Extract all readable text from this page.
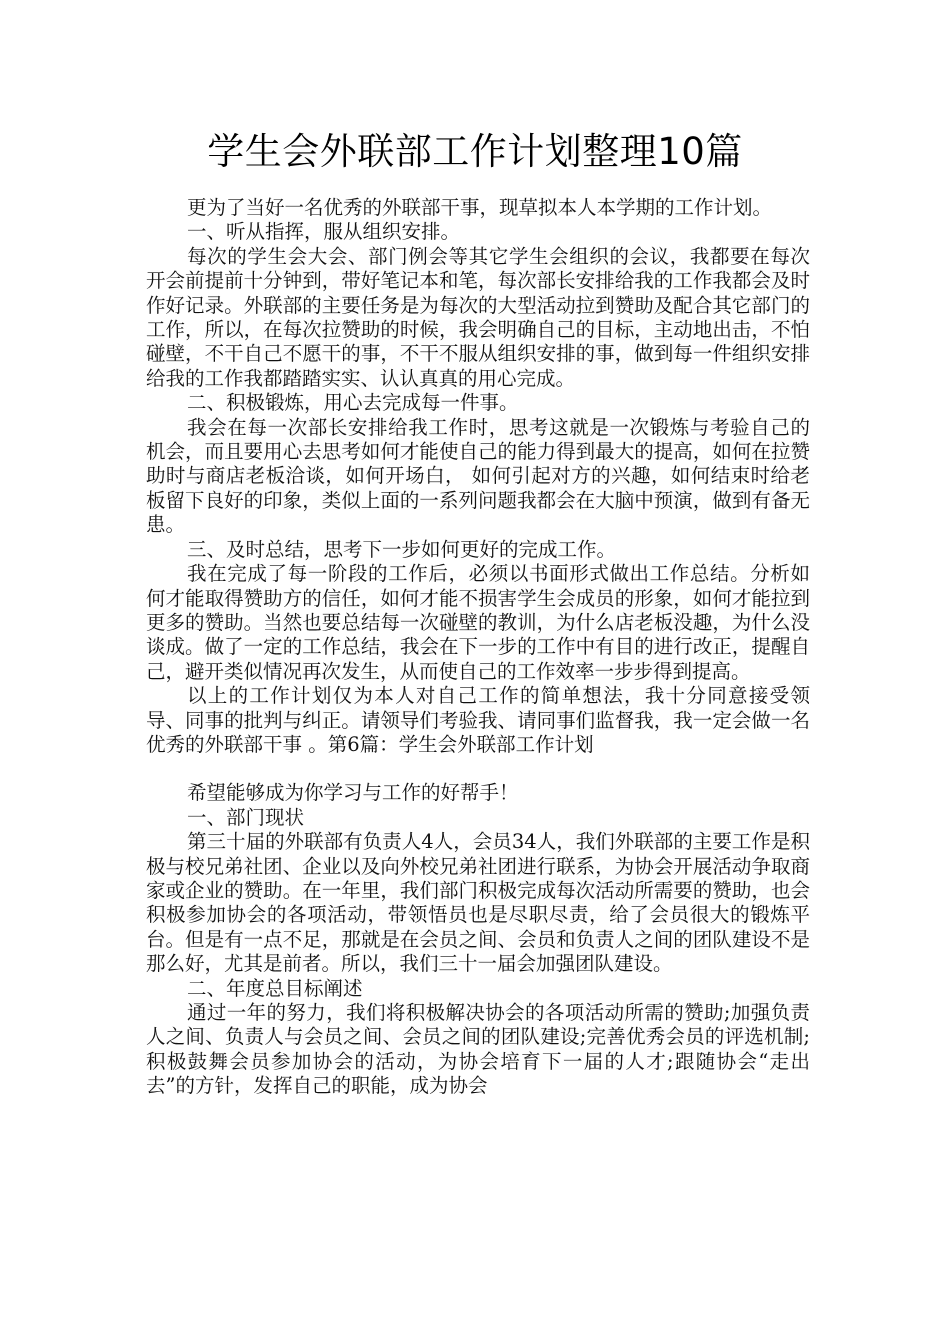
学生会外联部工作计划整理10篇

更为了当好一名优秀的外联部干事，现草拟本人本学期的工作计划。

一、听从指挥，服从组织安排。

每次的学生会大会、部门例会等其它学生会组织的会议，我都要在每次开会前提前十分钟到，带好笔记本和笔，每次部长安排给我的工作我都会及时作好记录。外联部的主要任务是为每次的大型活动拉到赞助及配合其它部门的工作，所以，在每次拉赞助的时候，我会明确自己的目标，主动地出击，不怕碰壁，不干自己不愿干的事，不干不服从组织安排的事，做到每一件组织安排给我的工作我都踏踏实实、认认真真的用心完成。

二、积极锻炼，用心去完成每一件事。

我会在每一次部长安排给我工作时，思考这就是一次锻炼与考验自己的机会，而且要用心去思考如何才能使自己的能力得到最大的提高，如何在拉赞助时与商店老板洽谈，如何开场白， 如何引起对方的兴趣，如何结束时给老板留下良好的印象，类似上面的一系列问题我都会在大脑中预演，做到有备无患。

三、及时总结，思考下一步如何更好的完成工作。

我在完成了每一阶段的工作后，必须以书面形式做出工作总结。分析如何才能取得赞助方的信任，如何才能不损害学生会成员的形象，如何才能拉到更多的赞助。当然也要总结每一次碰壁的教训，为什么店老板没趣，为什么没谈成。做了一定的工作总结，我会在下一步的工作中有目的进行改正，提醒自己，避开类似情况再次发生，从而使自己的工作效率一步步得到提高。

以上的工作计划仅为本人对自己工作的简单想法，我十分同意接受领导、同事的批判与纠正。请领导们考验我、请同事们监督我，我一定会做一名优秀的外联部干事 。第6篇：学生会外联部工作计划

希望能够成为你学习与工作的好帮手！

一、部门现状

第三十届的外联部有负责人4人，会员34人，我们外联部的主要工作是积极与校兄弟社团、企业以及向外校兄弟社团进行联系，为协会开展活动争取商家或企业的赞助。在一年里，我们部门积极完成每次活动所需要的赞助，也会积极参加协会的各项活动，带领悟员也是尽职尽责，给了会员很大的锻炼平台。但是有一点不足，那就是在会员之间、会员和负责人之间的团队建设不是那么好，尤其是前者。所以，我们三十一届会加强团队建设。

二、年度总目标阐述

通过一年的努力，我们将积极解决协会的各项活动所需的赞助;加强负责人之间、负责人与会员之间、会员之间的团队建设;完善优秀会员的评选机制;积极鼓舞会员参加协会的活动，为协会培育下一届的人才;跟随协会“走出去”的方针，发挥自己的职能，成为协会
